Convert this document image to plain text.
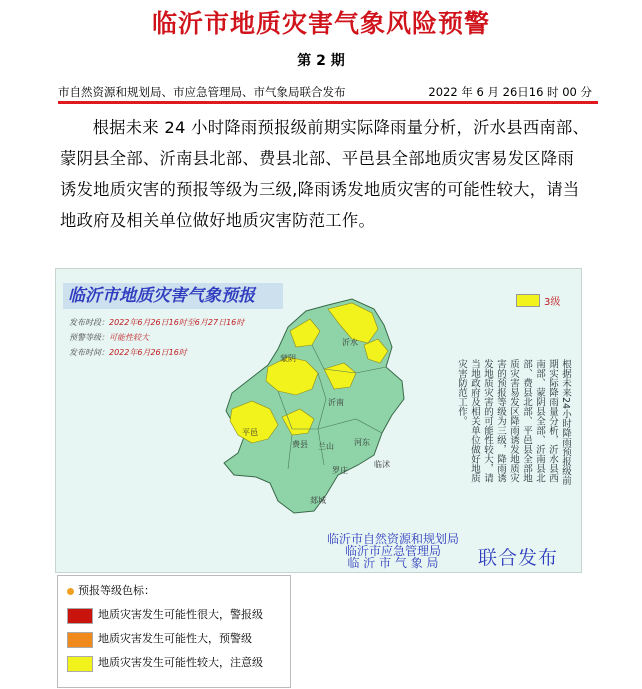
临沂市地质灾害气象风险预警
第 2 期
市自然资源和规划局、市应急管理局、市气象局联合发布	2022 年 6 月 26日16 时 00 分
根据未来 24 小时降雨预报级前期实际降雨量分析，沂水县西南部、蒙阴县全部、沂南县北部、费县北部、平邑县全部地质灾害易发区降雨诱发地质灾害的预报等级为三级,降雨诱发地质灾害的可能性较大，请当地政府及相关单位做好地质灾害防范工作。
临沂市地质灾害气象预报
发布时段：2022年6月26日16时至6月27日16时
预警等级：可能性较大
发布时间：2022年6月26日16时
3级
沂水
蒙阴
沂南
平邑
费县 兰山	河东
罗庄
临沭
郯城
根据未来24小时降雨预报级前期实际降雨量分析，沂水县西南部、蒙阴县全部、沂南县北部、费县北部、平邑县全部地质灾害易发区降雨诱发地质灾害的预报等级为三级，降雨诱发地质灾害的可能性较大，请当地政府及相关单位做好地质灾害防范工作。
临沂市自然资源和规划局
临沂市应急管理局
临 沂 市 气 象 局	联合发布
预报等级色标：
地质灾害发生可能性很大，警报级
地质灾害发生可能性大，预警级
地质灾害发生可能性较大，注意级
